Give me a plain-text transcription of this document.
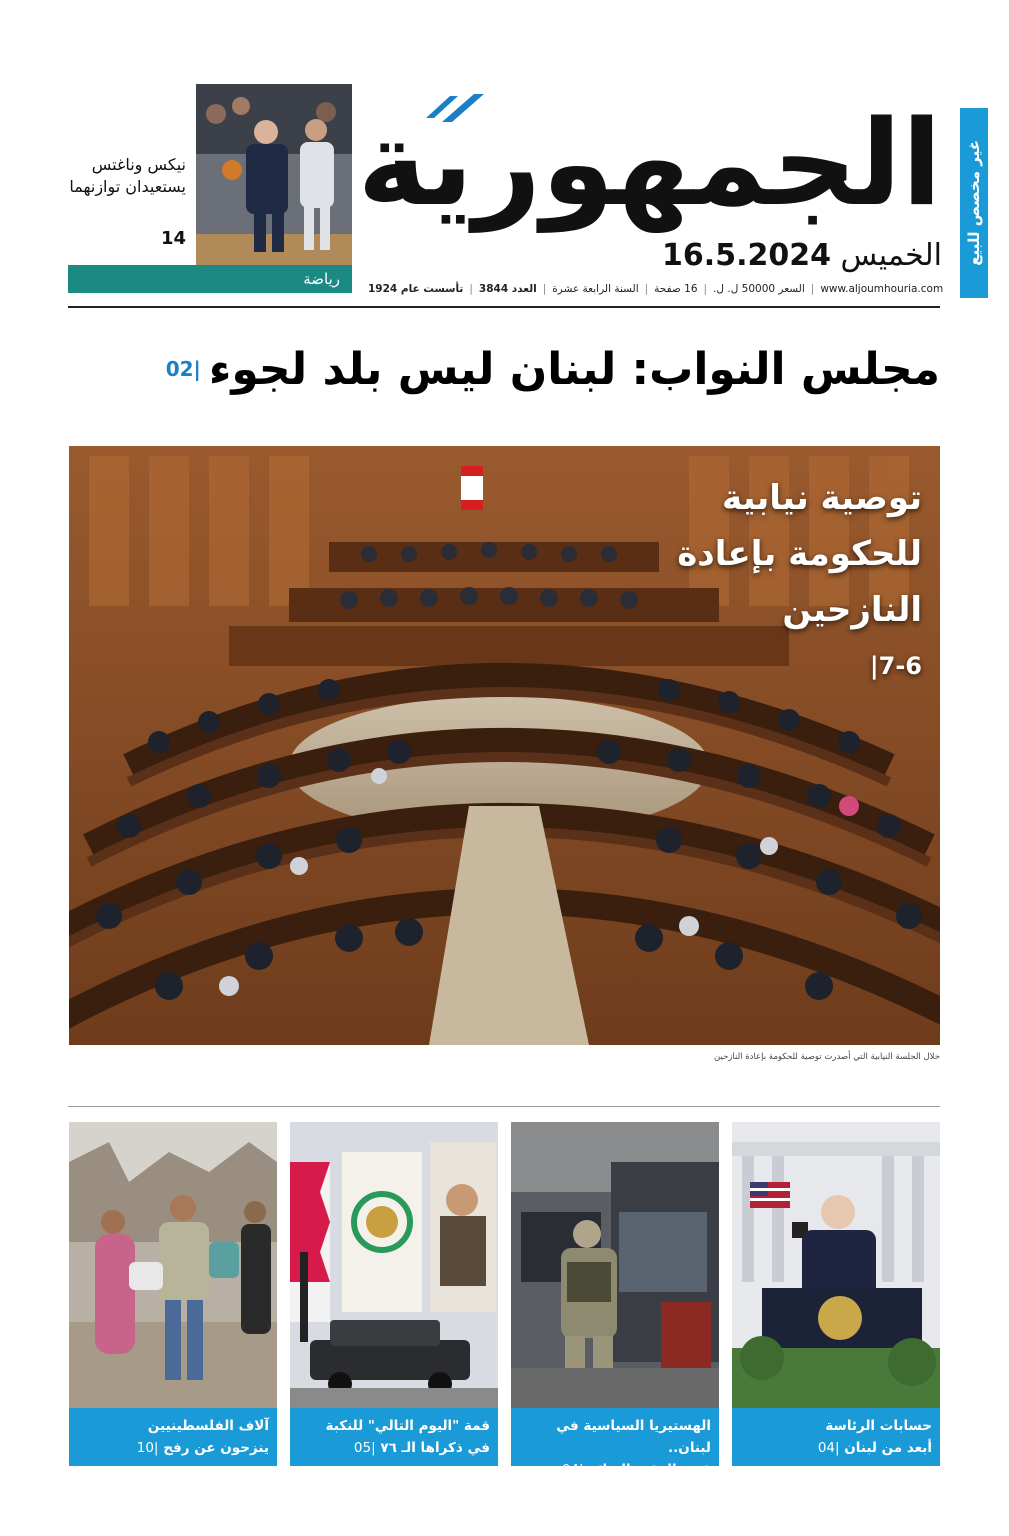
غير مخصص للبيع
الجمهورية
الخميس 16.5.2024
تأسست عام 1924 | العدد 3844 | السنة الرابعة عشرة | 16 صفحة | السعر 50000 ل. ل. | www.aljoumhouria.com
نيكس وناغتس يستعيدان توازنهما
14
رياضة
مجلس النواب: لبنان ليس بلد لجوء
02|
توصية نيابية للحكومة بإعادة النازحين
|7-6
خلال الجلسة النيابية التي أصدرت توصية للحكومة بإعادة النازحين
حسابات الرئاسة
أبعد من لبنان |04
الهستيريا السياسية في لبنان..
قوى الوقت الضائع |04
قمة "اليوم التالي" للنكبة
في ذكراها الـ ٧٦ |05
آلاف الفلسطينيين
ينزحون عن رفح |10
